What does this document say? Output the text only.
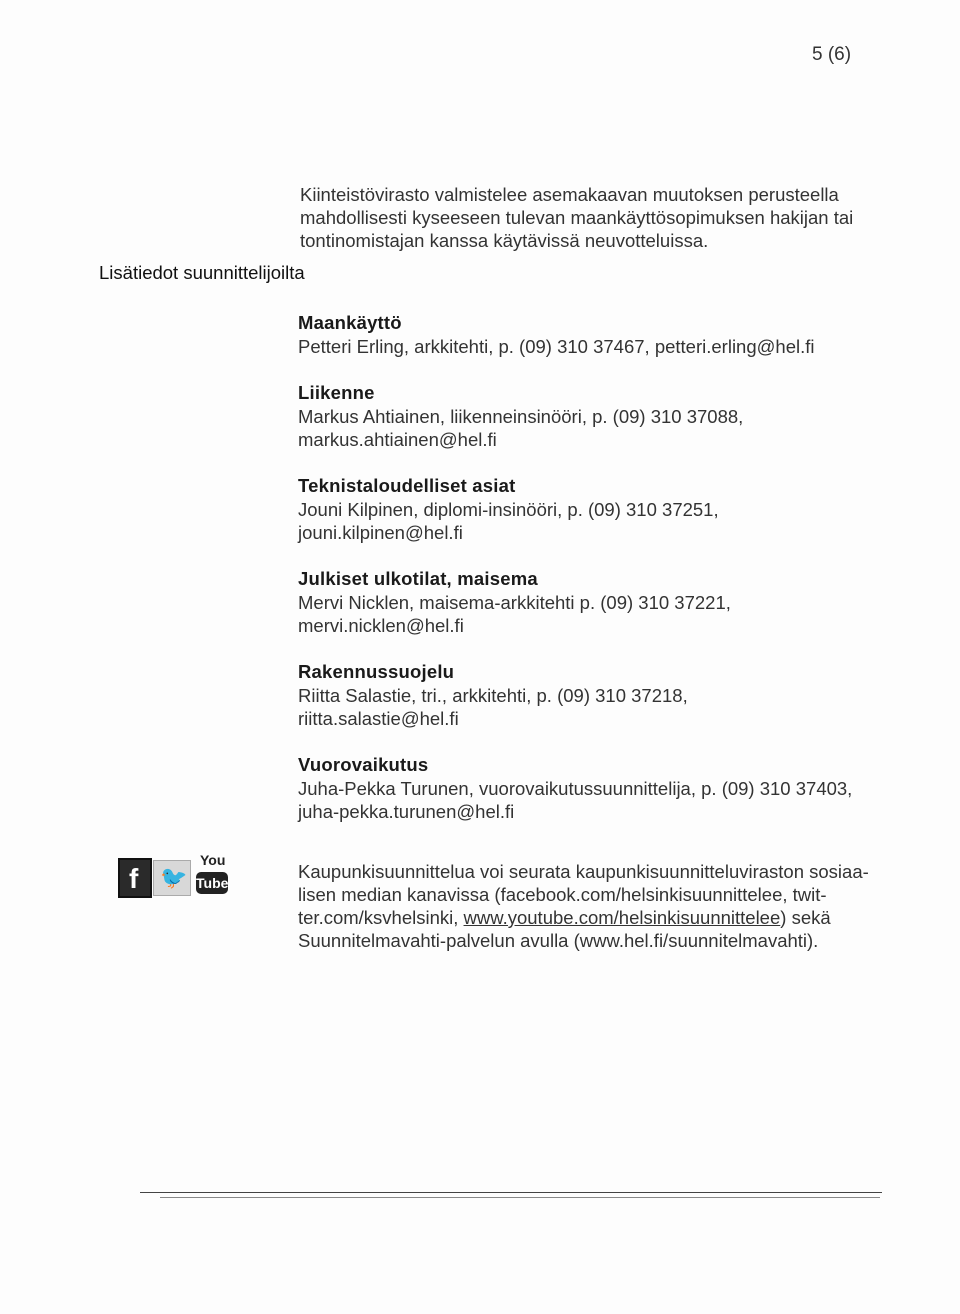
5 (6)
Kiinteistövirasto valmistelee asemakaavan muutoksen perusteella
mahdollisesti kyseeseen tulevan maankäyttösopimuksen hakijan tai
tontinomistajan kanssa käytävissä neuvotteluissa.
Lisätiedot suunnittelijoilta
Maankäyttö
Petteri Erling, arkkitehti, p. (09) 310 37467, petteri.erling@hel.fi
Liikenne
Markus Ahtiainen, liikenneinsinööri, p. (09) 310 37088,
markus.ahtiainen@hel.fi
Teknistaloudelliset asiat
Jouni Kilpinen, diplomi-insinööri, p. (09) 310 37251,
jouni.kilpinen@hel.fi
Julkiset ulkotilat, maisema
Mervi Nicklen, maisema-arkkitehti p. (09) 310 37221,
mervi.nicklen@hel.fi
Rakennussuojelu
Riitta Salastie, tri., arkkitehti, p. (09) 310 37218,
riitta.salastie@hel.fi
Vuorovaikutus
Juha-Pekka Turunen, vuorovaikutussuunnittelija, p. (09) 310 37403,
juha-pekka.turunen@hel.fi
f 🐦
You
Tube
Kaupunkisuunnittelua voi seurata kaupunkisuunnitteluviraston sosiaa-
lisen median kanavissa (facebook.com/helsinkisuunnittelee, twit-
ter.com/ksvhelsinki, www.youtube.com/helsinkisuunnittelee) sekä
Suunnitelmavahti-palvelun avulla (www.hel.fi/suunnitelmavahti).
